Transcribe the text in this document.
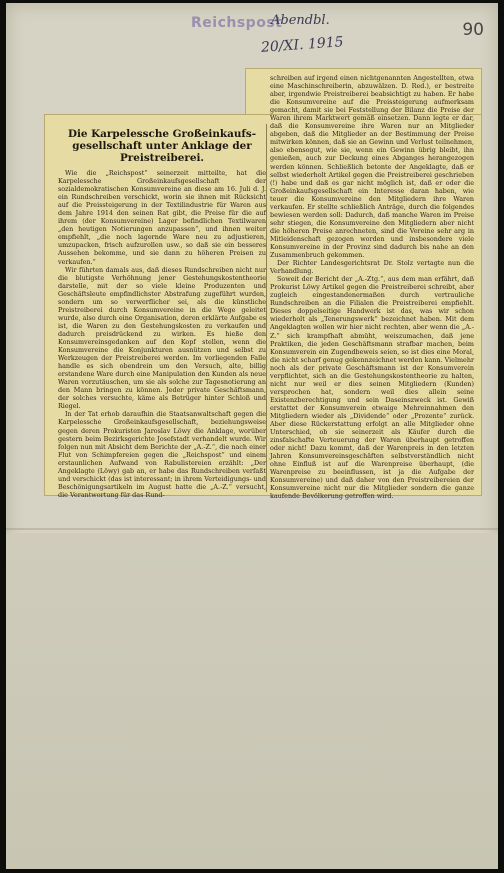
Reichspost
Abendbl.
20/XI. 1915
90
Die Karpelessche Großeinkaufs-gesellschaft unter Anklage der Preistreiberei.

Wie die „Reichspost“ seinerzeit mitteilte, hat die Karpelessche Großeinkaufsgesellschaft der sozialdemokratischen Konsumvereine an diese am 16. Juli d. J. ein Rundschreiben verschickt, worin sie ihnen mit Rücksicht auf die Preissteigerung in der Textilindustrie für Waren aus dem Jahre 1914 den seinen Rat gibt, die Preise für die auf ihrem (der Konsumvereine) Lager befindlichen Textilwaren „den heutigen Notierungen anzupassen“, und ihnen weiter empfiehlt, „die noch lagernde Ware neu zu adjustieren, umzupacken, frisch aufzurollen usw., so daß sie ein besseres Aussehen bekomme, und sie dann zu höheren Preisen zu verkaufen.“

Wir führten damals aus, daß dieses Rundschreiben nicht nur die blutigste Verhöhnung jener Gestehungskostentheorie darstelle, mit der so viele kleine Produzenten und Geschäftsleute empfindlichster Abstrafung zugeführt wurden, sondern um so verwerflicher sei, als die künstliche Preistreiberei durch Konsumvereine in die Wege geleitet wurde, also durch eine Organisation, deren erklärte Aufgabe es ist, die Waren zu den Gestehungskosten zu verkaufen und dadurch preisdrückend zu wirken. Es hieße den Konsumvereinsgedanken auf den Kopf stellen, wenn die Konsumvereine die Konjunkturen ausnützen und selbst zu Werkzeugen der Preistreiberei werden. Im vorliegenden Falle handle es sich obendrein um den Versuch, alte, billig erstandene Ware durch eine Manipulation den Kunden als neue Waren vorzutäuschen, um sie als solche zur Tagesnotierung an den Mann bringen zu können. Jeder private Geschäftsmann, der solches versuchte, käme als Betrüger hinter Schloß und Riegel.

In der Tat erhob daraufhin die Staatsanwaltschaft gegen die Karpelessche Großeinkaufsgesellschaft, beziehungsweise gegen deren Prokuristen Jaroslav Löwy die Anklage, worüber gestern beim Bezirksgerichte Josefstadt verhandelt wurde. Wir folgen nun mit Absicht dem Berichte der „A.-Z.“, die nach einer Flut von Schimpfereien gegen die „Reichspost“ und einem erstaunlichen Aufwand von Rabulistereien erzählt: „Der Angeklagte (Löwy) gab an, er habe das Rundschreiben verfaßt und verschickt (das ist interessant; in ihrem Verteidigungs- und Beschönigungsartikeln im August hatte die „A.-Z.“ versucht, die Verantwortung für das Rund-

schreiben auf irgend einen nichtgenannten Angestellten, etwa eine Maschinschreiberin, abzuwälzen. D. Red.), er bestreite aber, irgendwie Preistreiberei beabsichtigt zu haben. Er habe die Konsumvereine auf die Preissteigerung aufmerksam gemacht, damit sie bei Feststellung der Bilanz die Preise der Waren ihrem Marktwert gemäß einsetzen. Dann legte er dar, daß die Konsumvereine ihre Waren nur an Mitglieder abgeben, daß die Mitglieder an der Bestimmung der Preise mitwirken können, daß sie an Gewinn und Verlust teilnehmen, also ebensogut, wie sie, wenn ein Gewinn übrig bleibt, ihn genießen, auch zur Deckung eines Abganges herangezogen werden können. Schließlich betonte der Angeklagte, daß er selbst wiederholt Artikel gegen die Preistreiberei geschrieben (!) habe und daß es gar nicht möglich ist, daß er oder die Großeinkaufsgesellschaft ein Interesse daran haben, wie teuer die Konsumvereine den Mitgliedern ihre Waren verkaufen. Er stellte schließlich Anträge, durch die folgendes bewiesen werden soll: Dadurch, daß manche Waren im Preise sehr stiegen, die Konsumvereine den Mitgliedern aber nicht die höheren Preise anrechneten, sind die Vereine sehr arg in Mitleidenschaft gezogen worden und insbesondere viele Konsumvereine in der Provinz sind dadurch bis nahe an den Zusammenbruch gekommen.

Der Richter Landesgerichtsrat Dr. Stolz vertagte nun die Verhandlung.

Soweit der Bericht der „A.-Ztg.“, aus dem man erfährt, daß Prokurist Löwy Artikel gegen die Preistreiberei schreibt, aber zugleich eingestandenermaßen durch vertrauliche Rundschreiben an die Filialen die Preistreiberei empfiehlt. Dieses doppelseitige Handwerk ist das, was wir schon wiederholt als „Tenerungswerk“ bezeichnet haben. Mit dem Angeklagten wollen wir hier nicht rechten, aber wenn die „A.-Z.“ sich krampfhaft abmüht, weiszumachen, daß jene Praktiken, die jeden Geschäftsmann strafbar machen, beim Konsumverein ein Zugendbeweis seien, so ist dies eine Moral, die nicht scharf genug gekennzeichnet werden kann. Vielmehr noch als der private Geschäftsmann ist der Konsumverein verpflichtet, sich an die Gestehungskostentheorie zu halten, nicht nur weil er dies seinen Mitgliedern (Kunden) versprochen hat, sondern weil dies allein seine Existenzberechtigung und sein Daseinszweck ist. Gewiß erstattet der Konsumverein etwaige Mehreinnahmen den Mitgliedern wieder als „Dividende“ oder „Prozente“ zurück. Aber diese Rückerstattung erfolgt an alle Mitglieder ohne Unterschied, ob sie seinerzeit als Käufer durch die zinsfalschafte Verteuerung der Waren überhaupt getroffen oder nicht! Dazu kommt, daß der Warenpreis in den letzten Jahren Konsumvereinsgeschäften selbstverständlich nicht ohne Einfluß ist auf die Warenpreise überhaupt, (die Warenpreise zu beeinflussen, ist ja die Aufgabe der Konsumvereine) und daß daher von den Preistreibereien der Konsumvereine nicht nur die Mitglieder sondern die ganze kaufende Bevölkerung getroffen wird.
